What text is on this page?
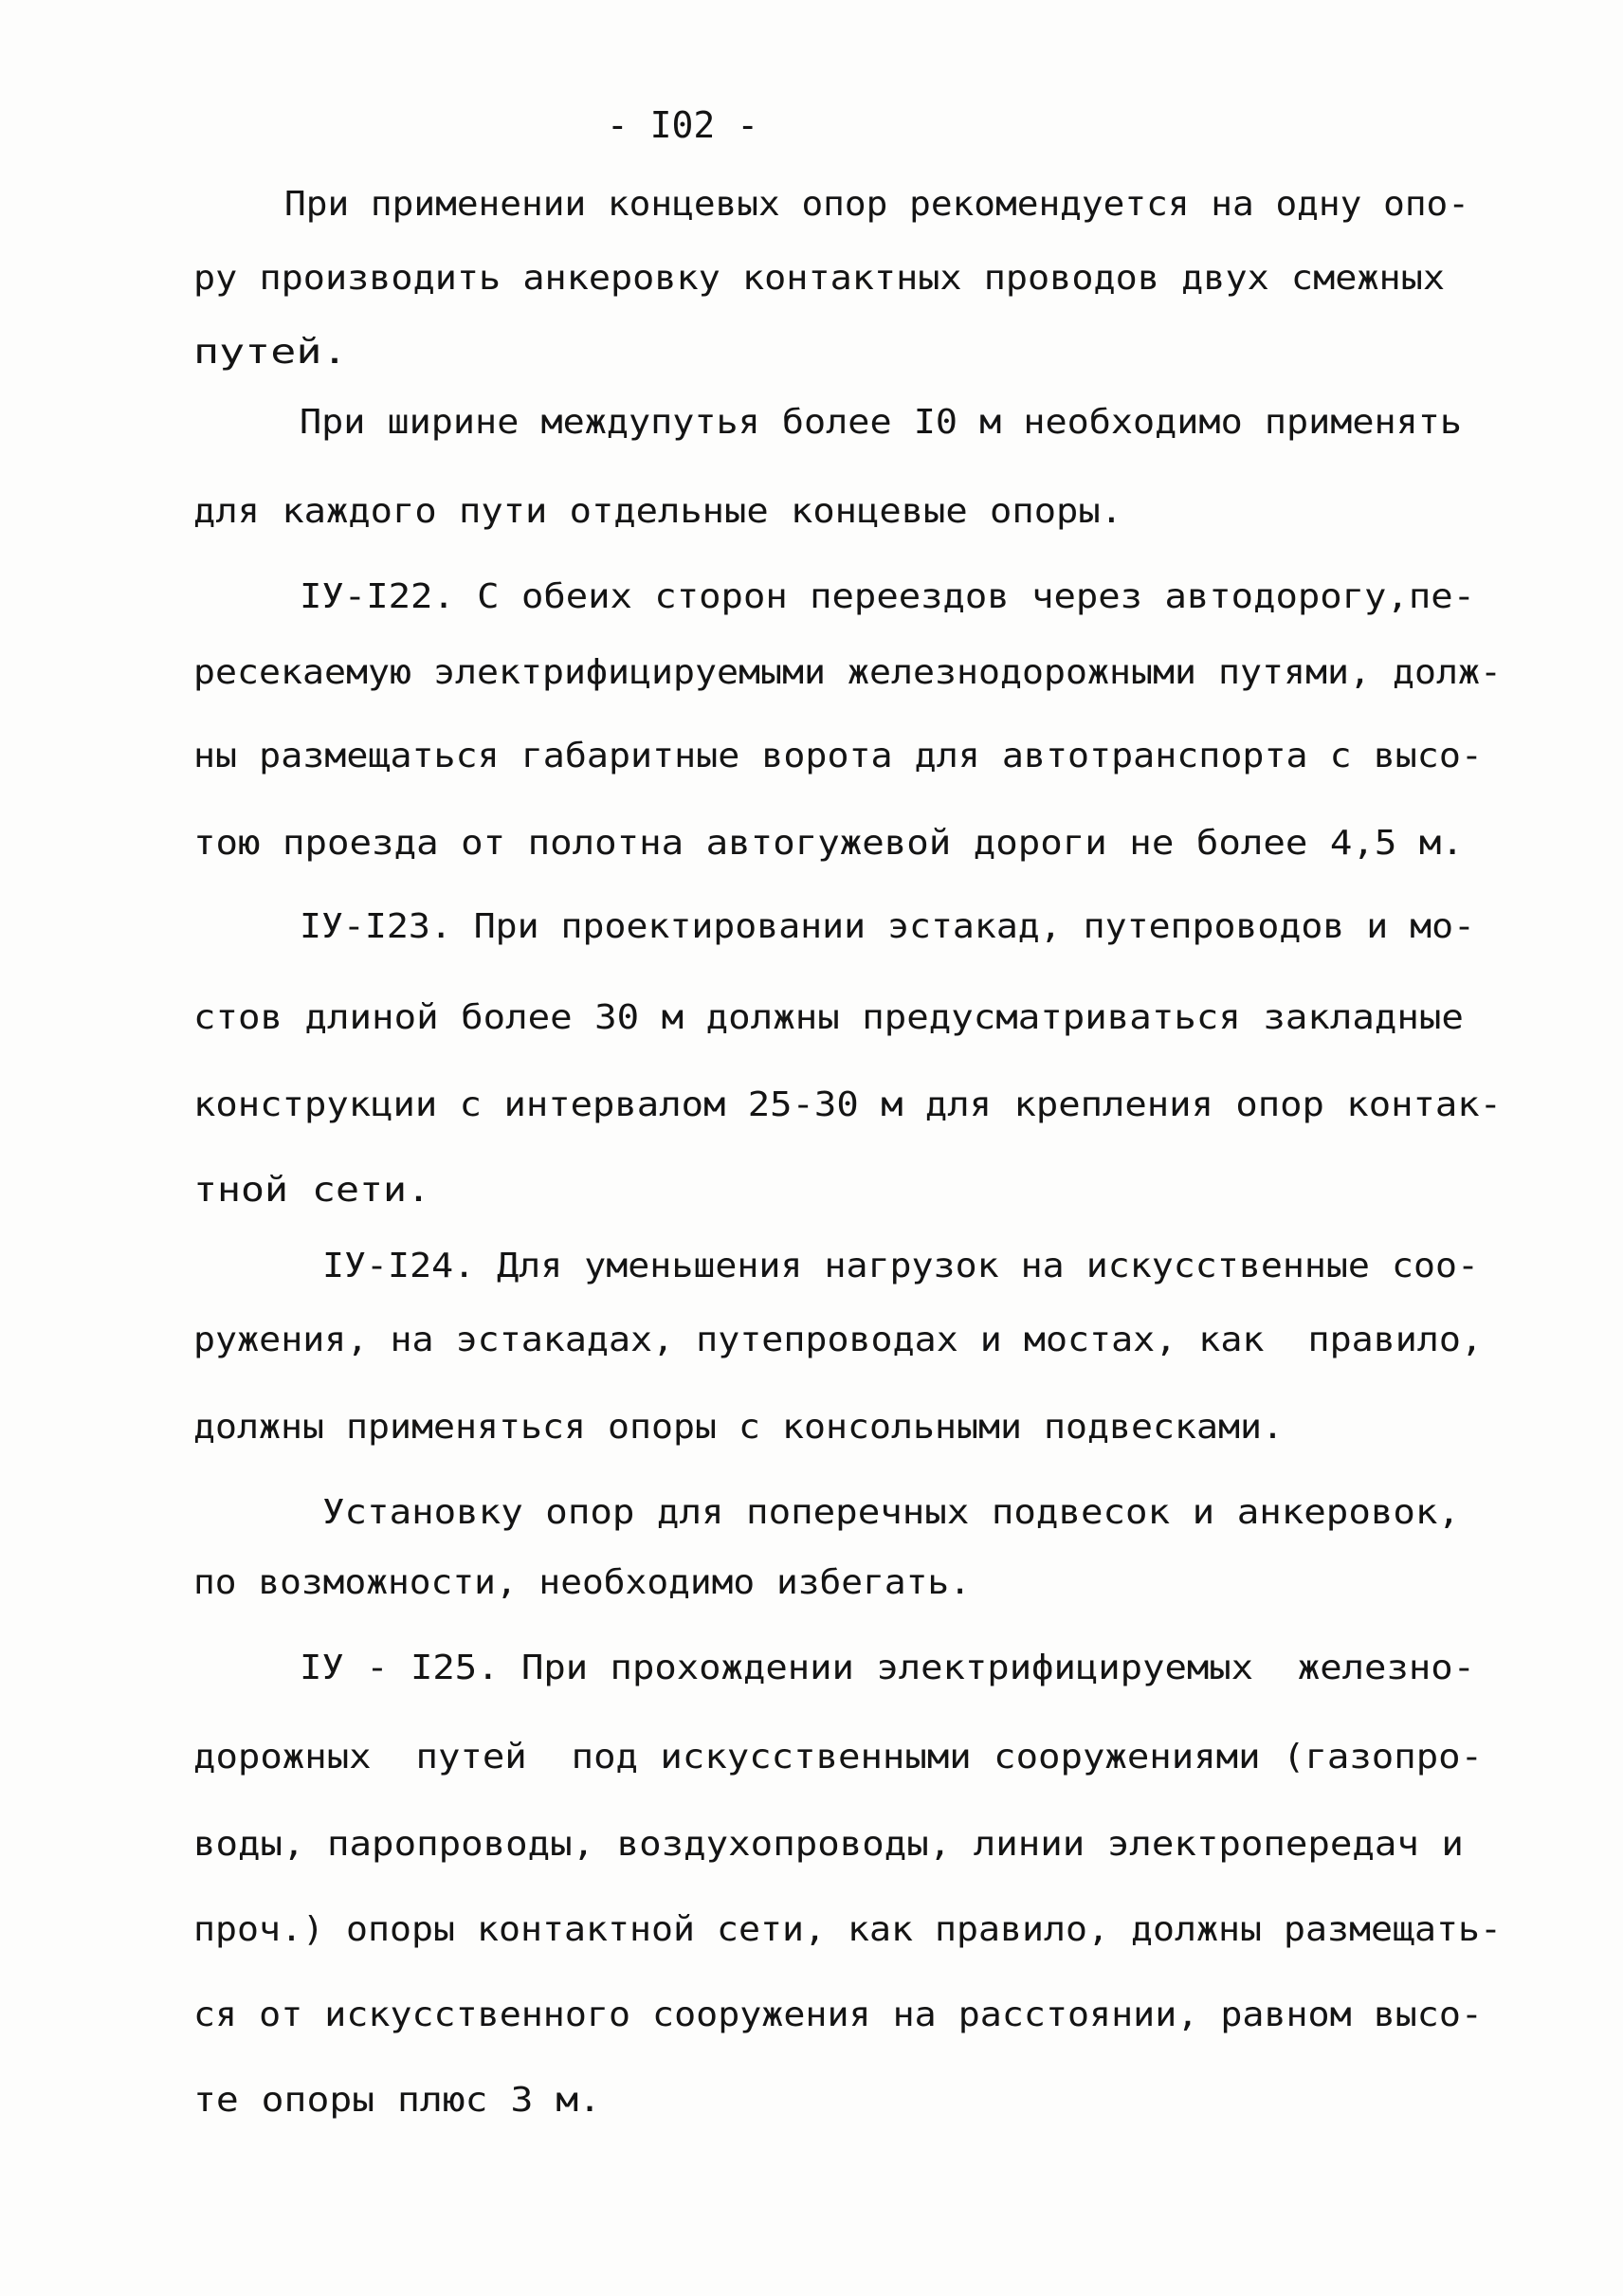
- I02 -
При применении концевых опор рекомендуется на одну опо-
ру производить анкеровку контактных проводов двух смежных
путей.
При ширине междупутья более I0 м необходимо применять
для каждого пути отдельные концевые опоры.
IУ-I22. С обеих сторон переездов через автодорогу,пе-
ресекаемую электрифицируемыми железнодорожными путями, долж-
ны размещаться габаритные ворота для автотранспорта с высо-
тою проезда от полотна автогужевой дороги не более 4,5 м.
IУ-I23. При проектировании эстакад, путепроводов и мо-
стов длиной более 30 м должны предусматриваться закладные
конструкции с интервалом 25-30 м для крепления опор контак-
тной сети.
IУ-I24. Для уменьшения нагрузок на искусственные соо-
ружения, на эстакадах, путепроводах и мостах, как  правило,
должны применяться опоры с консольными подвесками.
Установку опор для поперечных подвесок и анкеровок,
по возможности, необходимо избегать.
IУ - I25. При прохождении электрифицируемых  железно-
дорожных  путей  под искусственными сооружениями (газопро-
воды, паропроводы, воздухопроводы, линии электропередач и
проч.) опоры контактной сети, как правило, должны размещать-
ся от искусственного сооружения на расстоянии, равном высо-
те опоры плюс 3 м.
